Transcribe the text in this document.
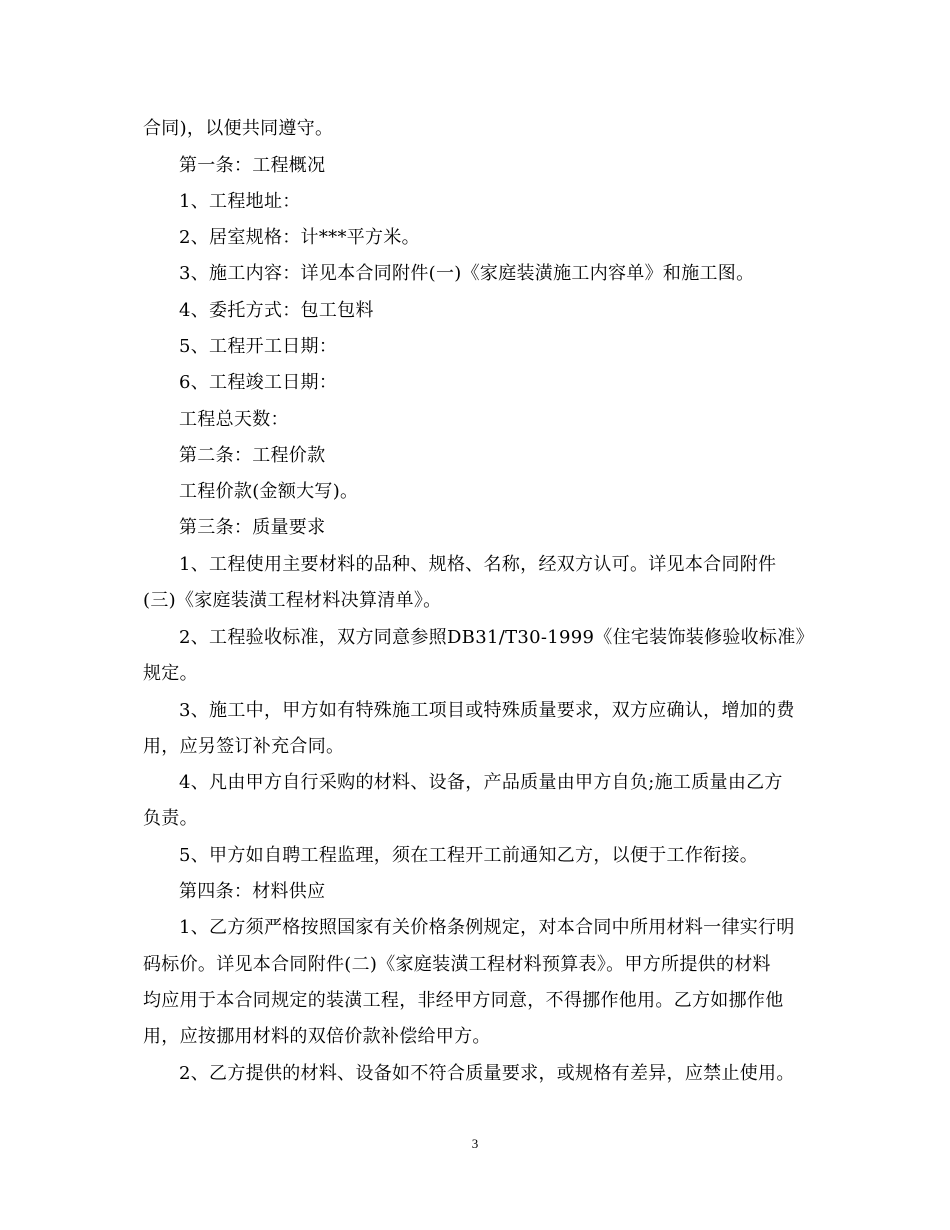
合同)，以便共同遵守。
第一条：工程概况
1、工程地址：
2、居室规格：计***平方米。
3、施工内容：详见本合同附件(一)《家庭装潢施工内容单》和施工图。
4、委托方式：包工包料
5、工程开工日期：
6、工程竣工日期：
工程总天数：
第二条：工程价款
工程价款(金额大写)。
第三条：质量要求
1、工程使用主要材料的品种、规格、名称，经双方认可。详见本合同附件
(三)《家庭装潢工程材料决算清单》。
2、工程验收标准，双方同意参照DB31/T30-1999《住宅装饰装修验收标准》
规定。
3、施工中，甲方如有特殊施工项目或特殊质量要求，双方应确认，增加的费
用，应另签订补充合同。
4、凡由甲方自行采购的材料、设备，产品质量由甲方自负;施工质量由乙方
负责。
5、甲方如自聘工程监理，须在工程开工前通知乙方，以便于工作衔接。
第四条：材料供应
1、乙方须严格按照国家有关价格条例规定，对本合同中所用材料一律实行明
码标价。详见本合同附件(二)《家庭装潢工程材料预算表》。甲方所提供的材料
均应用于本合同规定的装潢工程，非经甲方同意，不得挪作他用。乙方如挪作他
用，应按挪用材料的双倍价款补偿给甲方。
2、乙方提供的材料、设备如不符合质量要求，或规格有差异，应禁止使用。
3
